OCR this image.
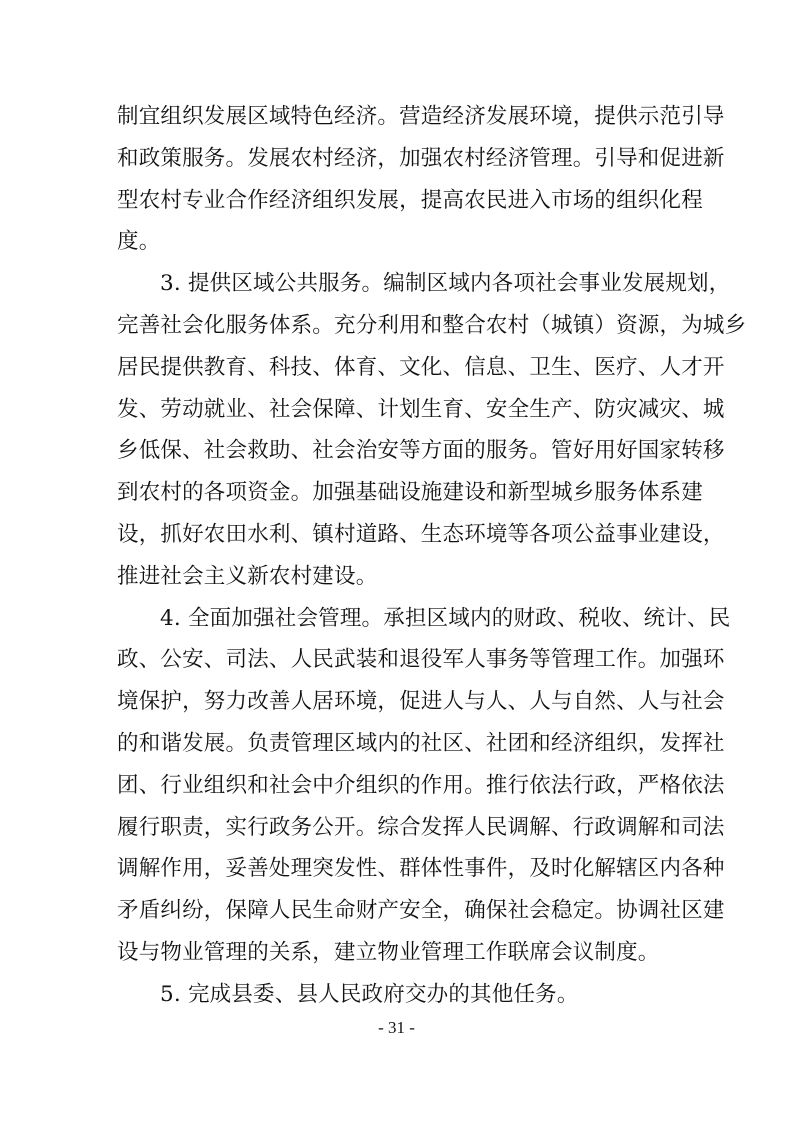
制宜组织发展区域特色经济。营造经济发展环境，提供示范引导
和政策服务。发展农村经济，加强农村经济管理。引导和促进新
型农村专业合作经济组织发展，提高农民进入市场的组织化程
度。
3. 提供区域公共服务。编制区域内各项社会事业发展规划，
完善社会化服务体系。充分利用和整合农村（城镇）资源，为城乡
居民提供教育、科技、体育、文化、信息、卫生、医疗、人才开
发、劳动就业、社会保障、计划生育、安全生产、防灾减灾、城
乡低保、社会救助、社会治安等方面的服务。管好用好国家转移
到农村的各项资金。加强基础设施建设和新型城乡服务体系建
设，抓好农田水利、镇村道路、生态环境等各项公益事业建设，
推进社会主义新农村建设。
4. 全面加强社会管理。承担区域内的财政、税收、统计、民
政、公安、司法、人民武装和退役军人事务等管理工作。加强环
境保护，努力改善人居环境，促进人与人、人与自然、人与社会
的和谐发展。负责管理区域内的社区、社团和经济组织，发挥社
团、行业组织和社会中介组织的作用。推行依法行政，严格依法
履行职责，实行政务公开。综合发挥人民调解、行政调解和司法
调解作用，妥善处理突发性、群体性事件，及时化解辖区内各种
矛盾纠纷，保障人民生命财产安全，确保社会稳定。协调社区建
设与物业管理的关系，建立物业管理工作联席会议制度。
5. 完成县委、县人民政府交办的其他任务。
- 31 -
